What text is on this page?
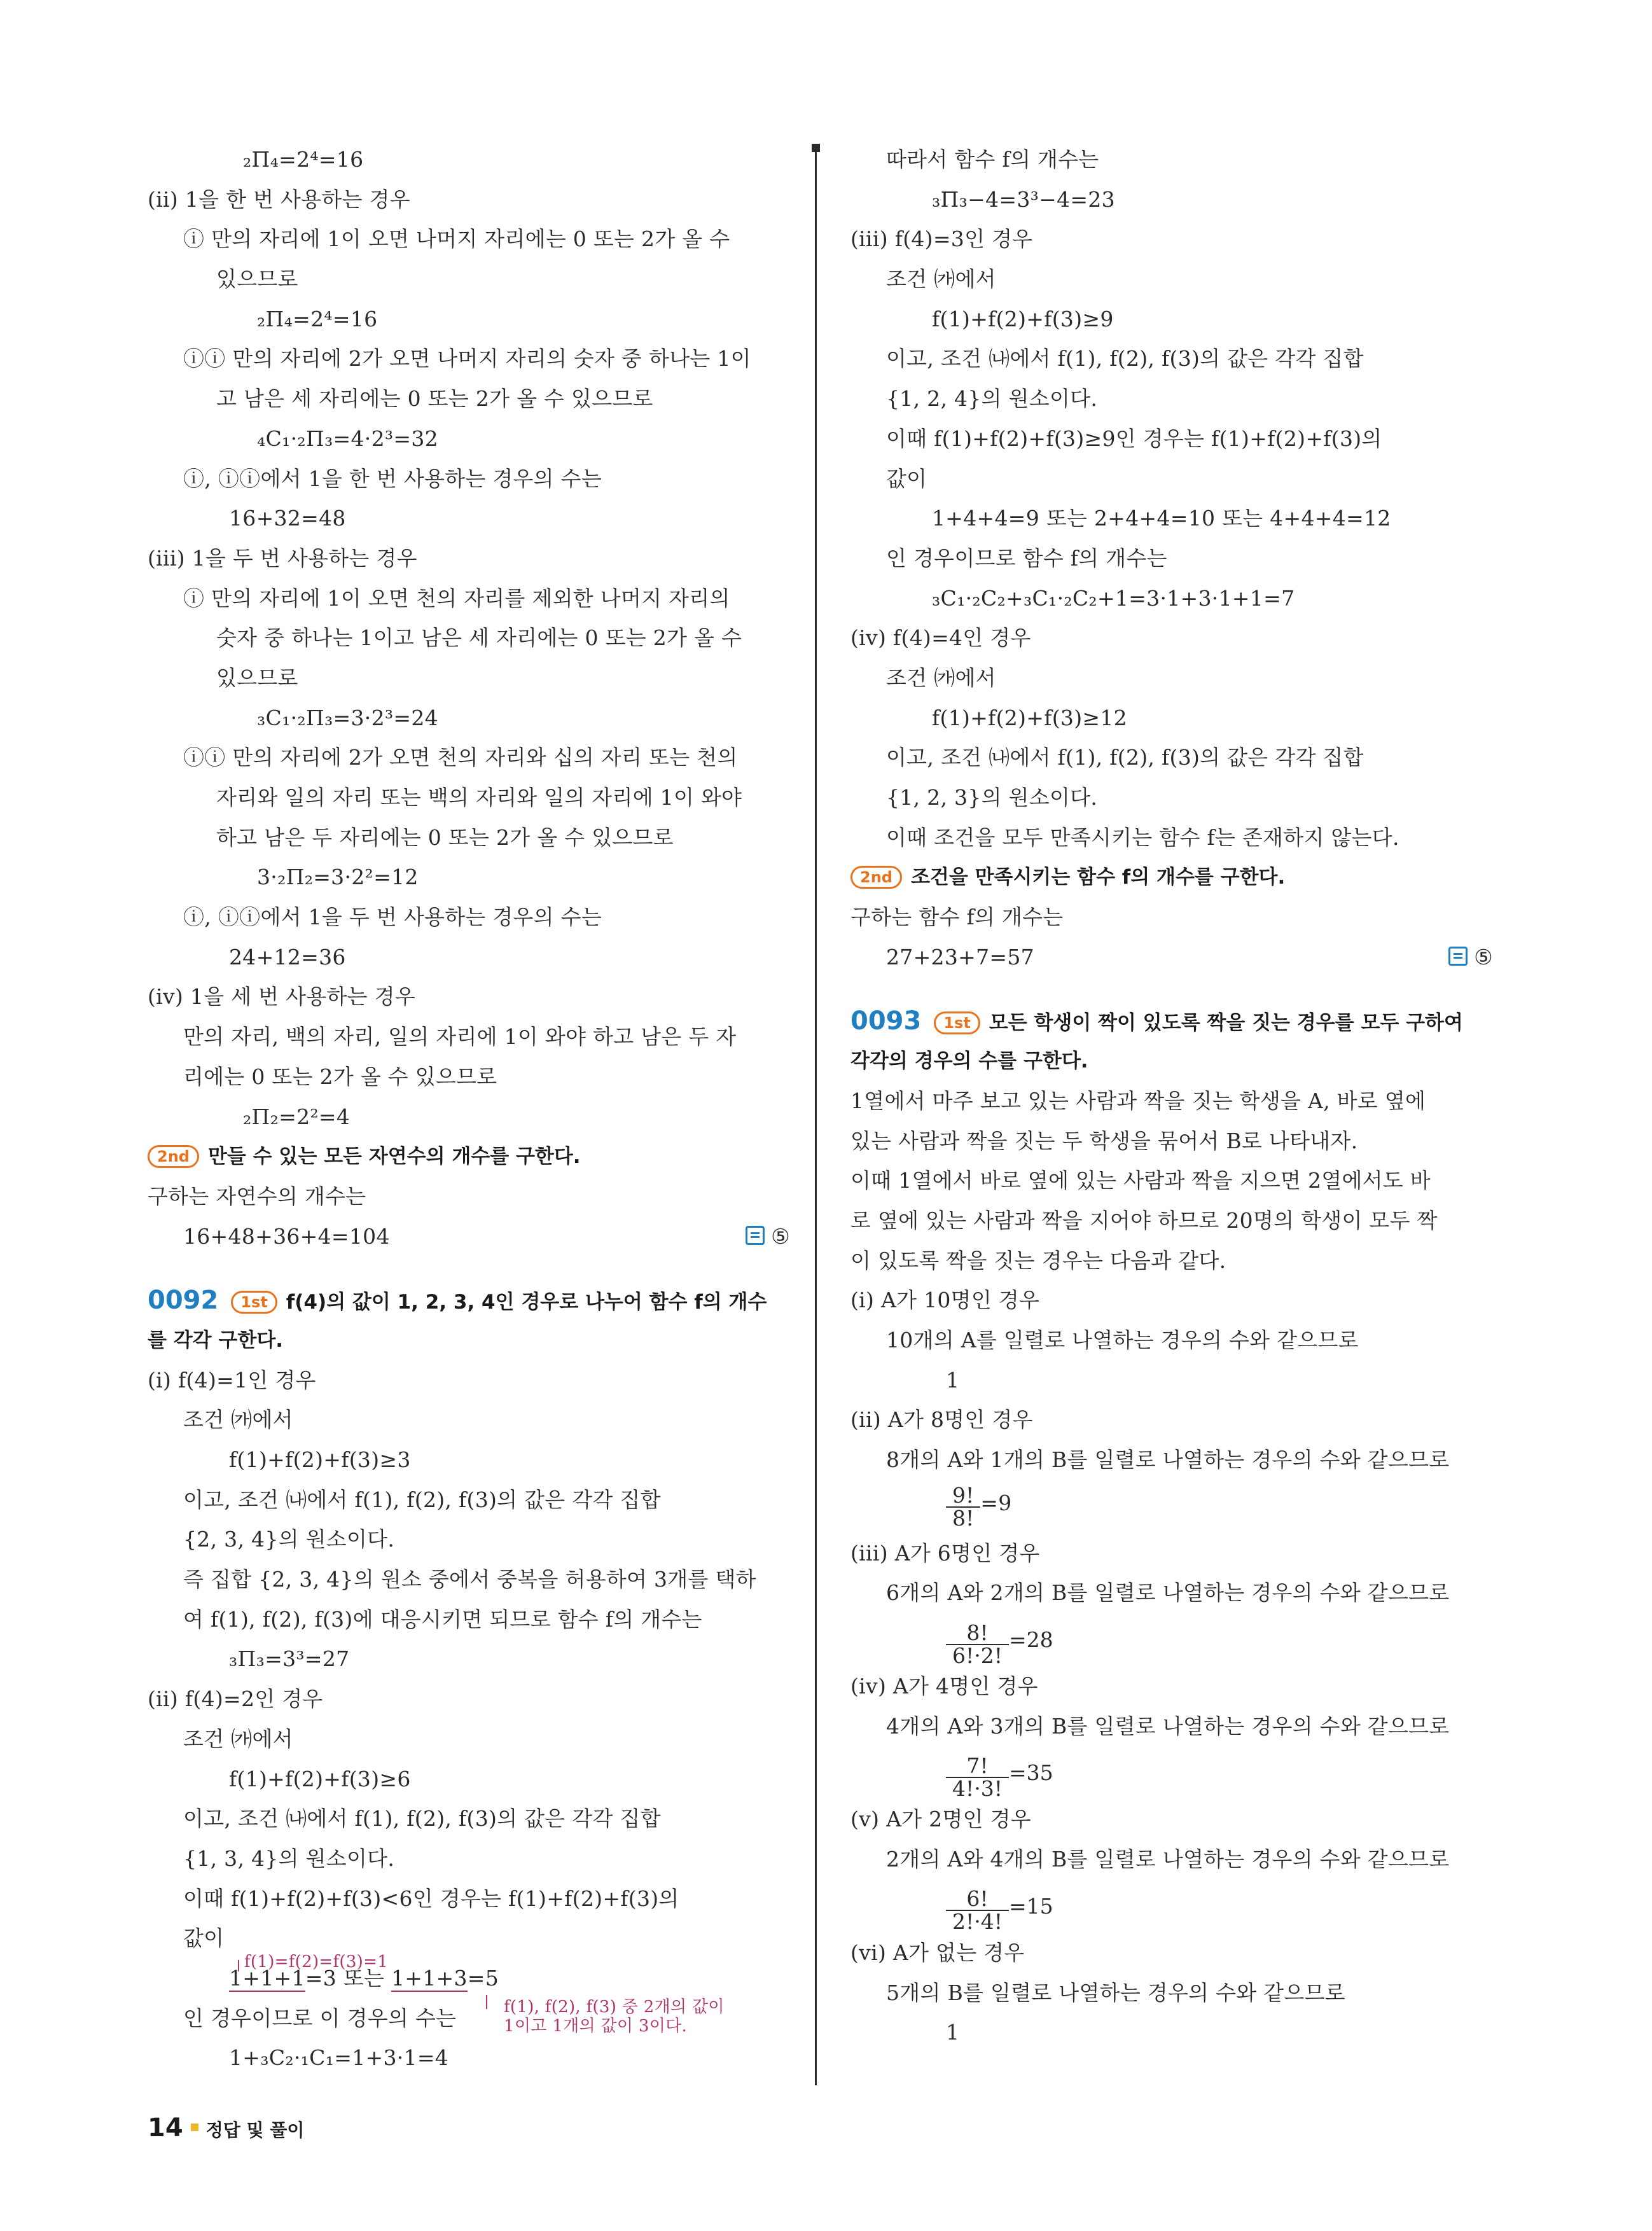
₂Π₄=2⁴=16
(ii) 1을 한 번 사용하는 경우
ⓘ 만의 자리에 1이 오면 나머지 자리에는 0 또는 2가 올 수
있으므로
₂Π₄=2⁴=16
ⓘⓘ 만의 자리에 2가 오면 나머지 자리의 숫자 중 하나는 1이
고 남은 세 자리에는 0 또는 2가 올 수 있으므로
₄C₁·₂Π₃=4·2³=32
ⓘ, ⓘⓘ에서 1을 한 번 사용하는 경우의 수는
16+32=48
(iii) 1을 두 번 사용하는 경우
ⓘ 만의 자리에 1이 오면 천의 자리를 제외한 나머지 자리의
숫자 중 하나는 1이고 남은 세 자리에는 0 또는 2가 올 수
있으므로
₃C₁·₂Π₃=3·2³=24
ⓘⓘ 만의 자리에 2가 오면 천의 자리와 십의 자리 또는 천의
자리와 일의 자리 또는 백의 자리와 일의 자리에 1이 와야
하고 남은 두 자리에는 0 또는 2가 올 수 있으므로
3·₂Π₂=3·2²=12
ⓘ, ⓘⓘ에서 1을 두 번 사용하는 경우의 수는
24+12=36
(iv) 1을 세 번 사용하는 경우
만의 자리, 백의 자리, 일의 자리에 1이 와야 하고 남은 두 자
리에는 0 또는 2가 올 수 있으므로
₂Π₂=2²=4
2nd 만들 수 있는 모든 자연수의 개수를 구한다.
구하는 자연수의 개수는
16+48+36+4=104	⑤
0092 1st f(4)의 값이 1, 2, 3, 4인 경우로 나누어 함수 f의 개수
를 각각 구한다.
(i) f(4)=1인 경우
조건 ㈎에서
f(1)+f(2)+f(3)≥3
이고, 조건 ㈏에서 f(1), f(2), f(3)의 값은 각각 집합
{2, 3, 4}의 원소이다.
즉 집합 {2, 3, 4}의 원소 중에서 중복을 허용하여 3개를 택하
여 f(1), f(2), f(3)에 대응시키면 되므로 함수 f의 개수는
₃Π₃=3³=27
(ii) f(4)=2인 경우
조건 ㈎에서
f(1)+f(2)+f(3)≥6
이고, 조건 ㈏에서 f(1), f(2), f(3)의 값은 각각 집합
{1, 3, 4}의 원소이다.
이때 f(1)+f(2)+f(3)<6인 경우는 f(1)+f(2)+f(3)의
값이
f(1)=f(2)=f(3)=1
1+1+1=3 또는 1+1+3=5
인 경우이므로 이 경우의 수는	f(1), f(2), f(3) 중 2개의 값이
1이고 1개의 값이 3이다.
1+₃C₂·₁C₁=1+3·1=4
따라서 함수 f의 개수는
₃Π₃−4=3³−4=23
(iii) f(4)=3인 경우
조건 ㈎에서
f(1)+f(2)+f(3)≥9
이고, 조건 ㈏에서 f(1), f(2), f(3)의 값은 각각 집합
{1, 2, 4}의 원소이다.
이때 f(1)+f(2)+f(3)≥9인 경우는 f(1)+f(2)+f(3)의
값이
1+4+4=9 또는 2+4+4=10 또는 4+4+4=12
인 경우이므로 함수 f의 개수는
₃C₁·₂C₂+₃C₁·₂C₂+1=3·1+3·1+1=7
(iv) f(4)=4인 경우
조건 ㈎에서
f(1)+f(2)+f(3)≥12
이고, 조건 ㈏에서 f(1), f(2), f(3)의 값은 각각 집합
{1, 2, 3}의 원소이다.
이때 조건을 모두 만족시키는 함수 f는 존재하지 않는다.
2nd 조건을 만족시키는 함수 f의 개수를 구한다.
구하는 함수 f의 개수는
27+23+7=57	⑤
0093 1st 모든 학생이 짝이 있도록 짝을 짓는 경우를 모두 구하여
각각의 경우의 수를 구한다.
1열에서 마주 보고 있는 사람과 짝을 짓는 학생을 A, 바로 옆에
있는 사람과 짝을 짓는 두 학생을 묶어서 B로 나타내자.
이때 1열에서 바로 옆에 있는 사람과 짝을 지으면 2열에서도 바
로 옆에 있는 사람과 짝을 지어야 하므로 20명의 학생이 모두 짝
이 있도록 짝을 짓는 경우는 다음과 같다.
(i) A가 10명인 경우
10개의 A를 일렬로 나열하는 경우의 수와 같으므로
1
(ii) A가 8명인 경우
8개의 A와 1개의 B를 일렬로 나열하는 경우의 수와 같으므로
$\frac{9!}{8!} =9$
(iii) A가 6명인 경우
6개의 A와 2개의 B를 일렬로 나열하는 경우의 수와 같으므로
$\frac{8!}{6!\cdot 2!} =28$
(iv) A가 4명인 경우
4개의 A와 3개의 B를 일렬로 나열하는 경우의 수와 같으므로
$\frac{7!}{4!\cdot 3!} =35$
(v) A가 2명인 경우
2개의 A와 4개의 B를 일렬로 나열하는 경우의 수와 같으므로
$\frac{6!}{2!\cdot 4!} =15$
(vi) A가 없는 경우
5개의 B를 일렬로 나열하는 경우의 수와 같으므로
1
14 정답 및 풀이
